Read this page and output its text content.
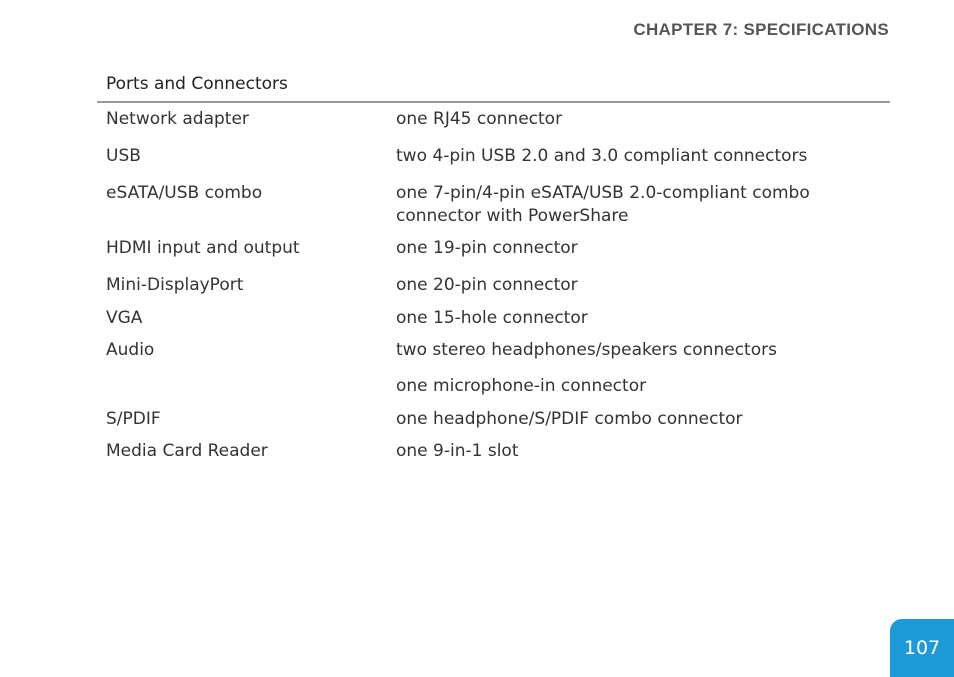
CHAPTER 7: SPECIFICATIONS
Ports and Connectors
Network adapter	one RJ45 connector
USB	two 4-pin USB 2.0 and 3.0 compliant connectors
eSATA/USB combo	one 7-pin/4-pin eSATA/USB 2.0-compliant combo
connector with PowerShare
HDMI input and output	one 19-pin connector
Mini-DisplayPort	one 20-pin connector
VGA	one 15-hole connector
Audio	two stereo headphones/speakers connectors
one microphone-in connector
S/PDIF	one headphone/S/PDIF combo connector
Media Card Reader	one 9-in-1 slot
107
